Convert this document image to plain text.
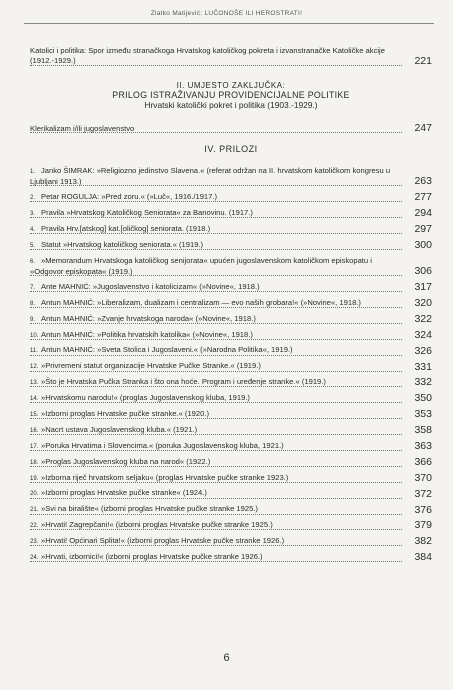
Zlatko Matijević: LUČONOŠE ILI HEROSTRATI!
Katolici i politika: Spor između stranačkoga Hrvatskog katoličkog pokreta i izvanstranačke Katoličke akcije (1912.-1929.)	221
II. UMJESTO ZAKLJUČKA:
PRILOG ISTRAŽIVANJU PROVIDENCIJALNE POLITIKE
Hrvatski katolički pokret i politika (1903.-1929.)
Klerikalizam i/ili jugoslavenstvo	247
IV. PRILOZI
1. Janko ŠIMRAK: »Religiozno jedinstvo Slavena.« (referat održan na II. hrvatskom katoličkom kongresu u Ljubljani 1913.)	263
2. Petar ROGULJA: »Pred zoru.« (»Luč«, 1916./1917.)	277
3. Pravila »Hrvatskog Katoličkog Seniorata« za Banovinu. (1917.)	294
4. Pravila Hrv.[atskog] kat.[oličkog] seniorata. (1918.)	297
5. Statut »Hrvatskog katoličkog seniorata.« (1919.)	300
6. »Memorandum Hrvatskoga katoličkog senijorata« upućen jugoslavenskom katoličkom episkopatu i »Odgovor episkopata« (1919.)	306
7. Ante MAHNIĆ: »Jugoslavenstvo i katolicizam« (»Novine«, 1918.)	317
8. Antun MAHNIĆ: »Liberalizam, dualizam i centralizam — evo naših grobara!« (»Novine«, 1918.)	320
9. Antun MAHNIĆ: »Zvanje hrvatskoga naroda« (»Novine«, 1918.)	322
10. Antun MAHNIĆ: »Politika hrvatskih katolika« (»Novine«, 1918.)	324
11. Antun MAHNIĆ: »Sveta Stolica i Jugoslaveni.« (»Narodna Politika«, 1919.)	326
12. »Privremeni statut organizacije Hrvatske Pučke Stranke.« (1919.)	331
13. »Što je Hrvatska Pučka Stranka i što ona hoće. Program i uređenje stranke.« (1919.)	332
14. »Hrvatskomu narodu!« (proglas Jugoslavenskog kluba, 1919.)	350
15. »Izborni proglas Hrvatske pučke stranke.« (1920.)	353
16. »Nacrt ustava Jugoslavenskog kluba.« (1921.)	358
17. »Poruka Hrvatima i Slovencima.« (poruka Jugoslavenskog kluba, 1921.)	363
18. »Proglas Jugoslavenskog kluba na narod« (1922.)	366
19. »Izborna riječ hrvatskom seljaku« (proglas Hrvatske pučke stranke 1923.)	370
20. »Izborni proglas Hrvatske pučke stranke« (1924.)	372
21. »Svi na biralište« (izborni proglas Hrvatske pučke stranke 1925.)	376
22. »Hrvati! Zagrepčani!« (izborni proglas Hrvatske pučke stranke 1925.)	379
23. »Hrvati! Općinari Splita!« (izborni proglas Hrvatske pučke stranke 1926.)	382
24. »Hrvati, izbornici!« (izborni proglas Hrvatske pučke stranke 1926.)	384
6
